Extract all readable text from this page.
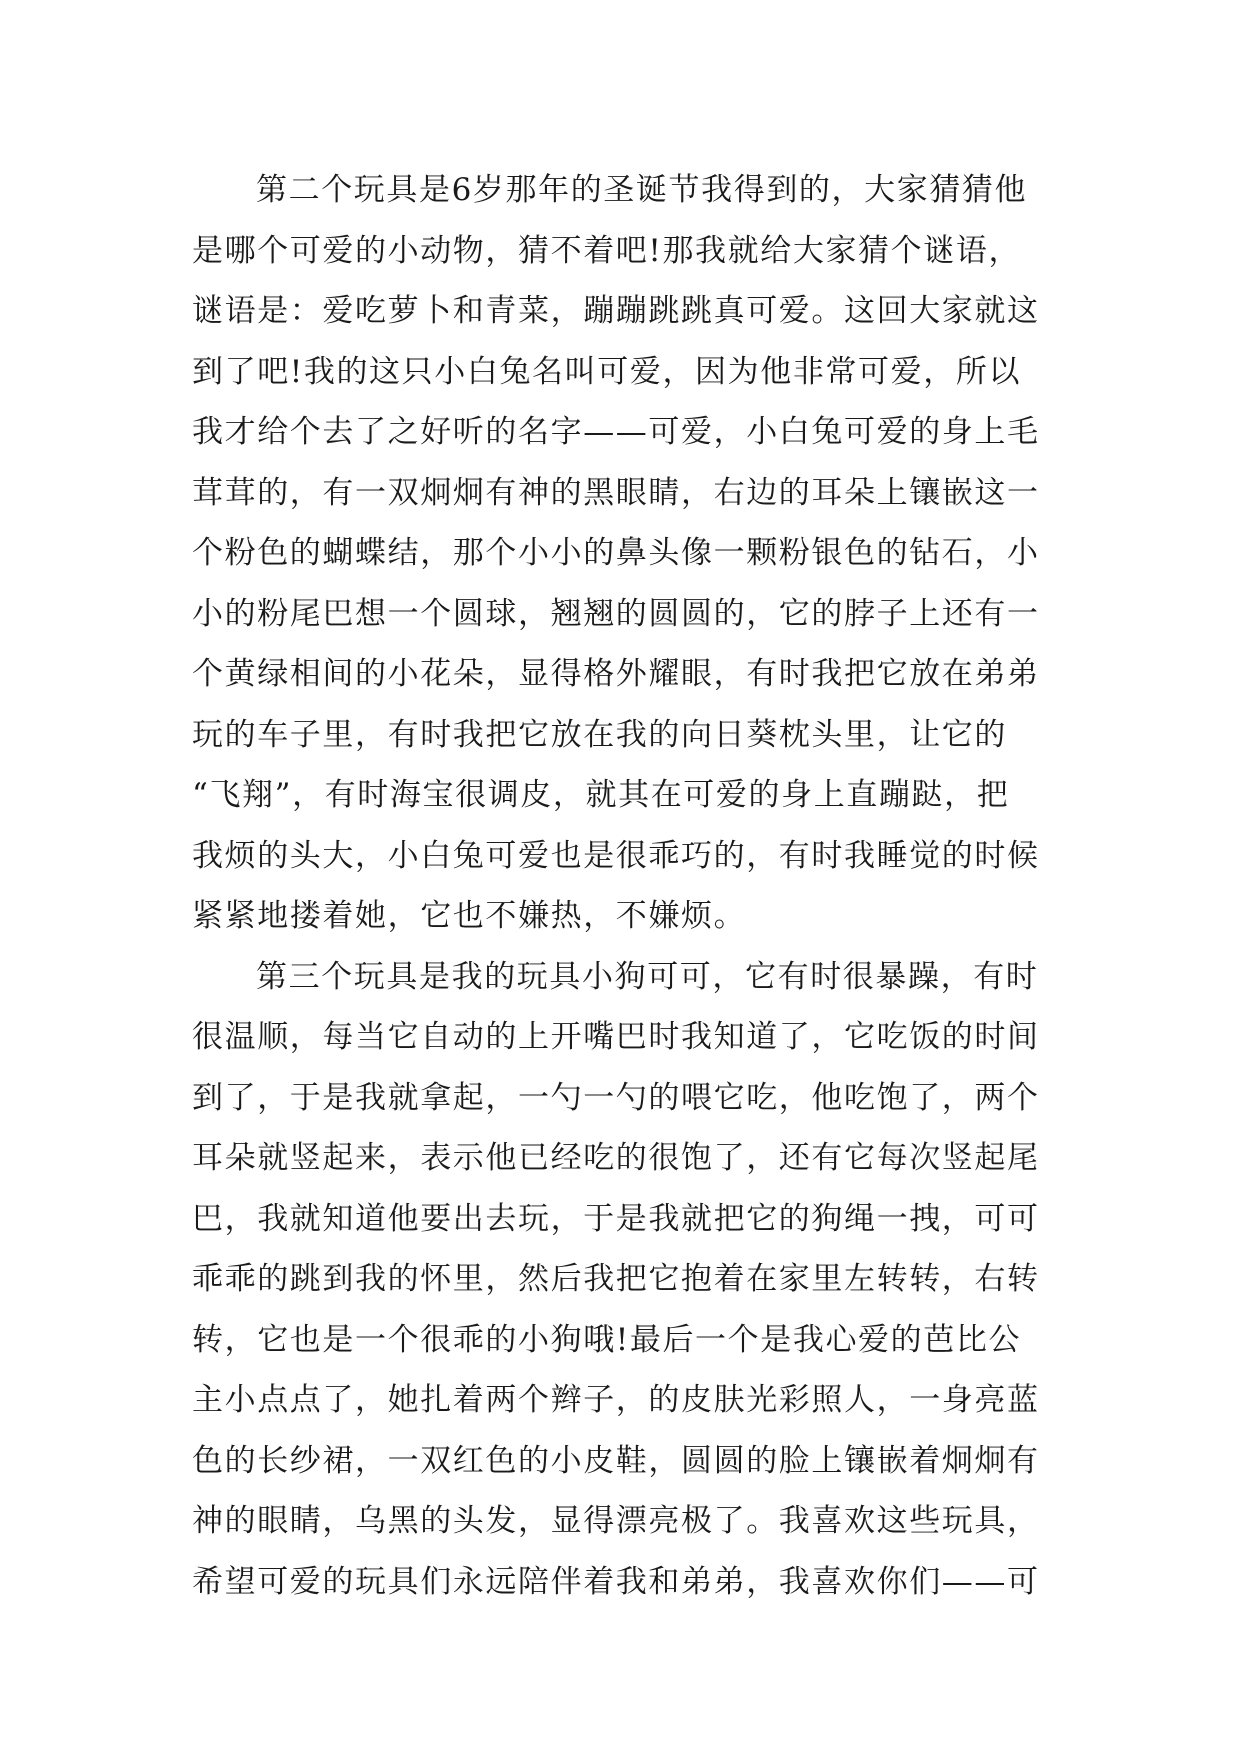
第二个玩具是6岁那年的圣诞节我得到的，大家猜猜他
是哪个可爱的小动物，猜不着吧!那我就给大家猜个谜语，
谜语是：爱吃萝卜和青菜，蹦蹦跳跳真可爱。这回大家就这
到了吧!我的这只小白兔名叫可爱，因为他非常可爱，所以
我才给个去了之好听的名字——可爱，小白兔可爱的身上毛
茸茸的，有一双炯炯有神的黑眼睛，右边的耳朵上镶嵌这一
个粉色的蝴蝶结，那个小小的鼻头像一颗粉银色的钻石，小
小的粉尾巴想一个圆球，翘翘的圆圆的，它的脖子上还有一
个黄绿相间的小花朵，显得格外耀眼，有时我把它放在弟弟
玩的车子里，有时我把它放在我的向日葵枕头里，让它的
“飞翔”，有时海宝很调皮，就其在可爱的身上直蹦跶，把
我烦的头大，小白兔可爱也是很乖巧的，有时我睡觉的时候
紧紧地搂着她，它也不嫌热，不嫌烦。
第三个玩具是我的玩具小狗可可，它有时很暴躁，有时
很温顺，每当它自动的上开嘴巴时我知道了，它吃饭的时间
到了，于是我就拿起，一勺一勺的喂它吃，他吃饱了，两个
耳朵就竖起来，表示他已经吃的很饱了，还有它每次竖起尾
巴，我就知道他要出去玩，于是我就把它的狗绳一拽，可可
乖乖的跳到我的怀里，然后我把它抱着在家里左转转，右转
转，它也是一个很乖的小狗哦!最后一个是我心爱的芭比公
主小点点了，她扎着两个辫子，的皮肤光彩照人，一身亮蓝
色的长纱裙，一双红色的小皮鞋，圆圆的脸上镶嵌着炯炯有
神的眼睛，乌黑的头发，显得漂亮极了。我喜欢这些玩具，
希望可爱的玩具们永远陪伴着我和弟弟，我喜欢你们——可
